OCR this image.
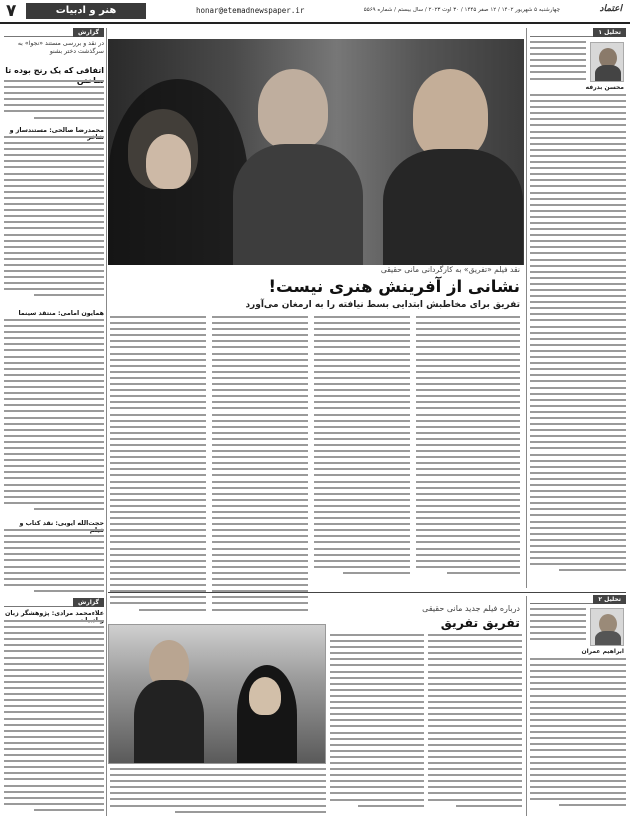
۷	هنر و ادبیات	honar@etemadnewspaper.ir	چهارشنبه ۵ شهریور ۱۴۰۲ / ۱۲ صفر ۱۴۴۵ / ۳۰ اوت ۲۰۲۳ / سال بیستم / شماره ۵۵۶۹	اعتماد
گزارش
در نقد و بررسی مستند «نجوا» به سرگذشت دختر بشنو
اتفاقی که یک رنج بوده تا
محمدرضا صالحی: مستندساز و
همایون امامی: منتقد سینما
حجت‌الله ایوبی: نقد کتاب و
گزارش
علاء‌محمد مرادی: پژوهشگر زبان
نقد فیلم «تفریق» به کارگردانی مانی حقیقی
نشانی از آفرینش هنری نیست!
تفریق برای مخاطبش ابتدایی بسط نیافته را به ارمغان می‌آورد
تحلیل ۱
محسن بدرفه
تحلیل ۲
ابراهیم عمران
درباره فیلم جدید مانی حقیقی
تفریق تفریق
